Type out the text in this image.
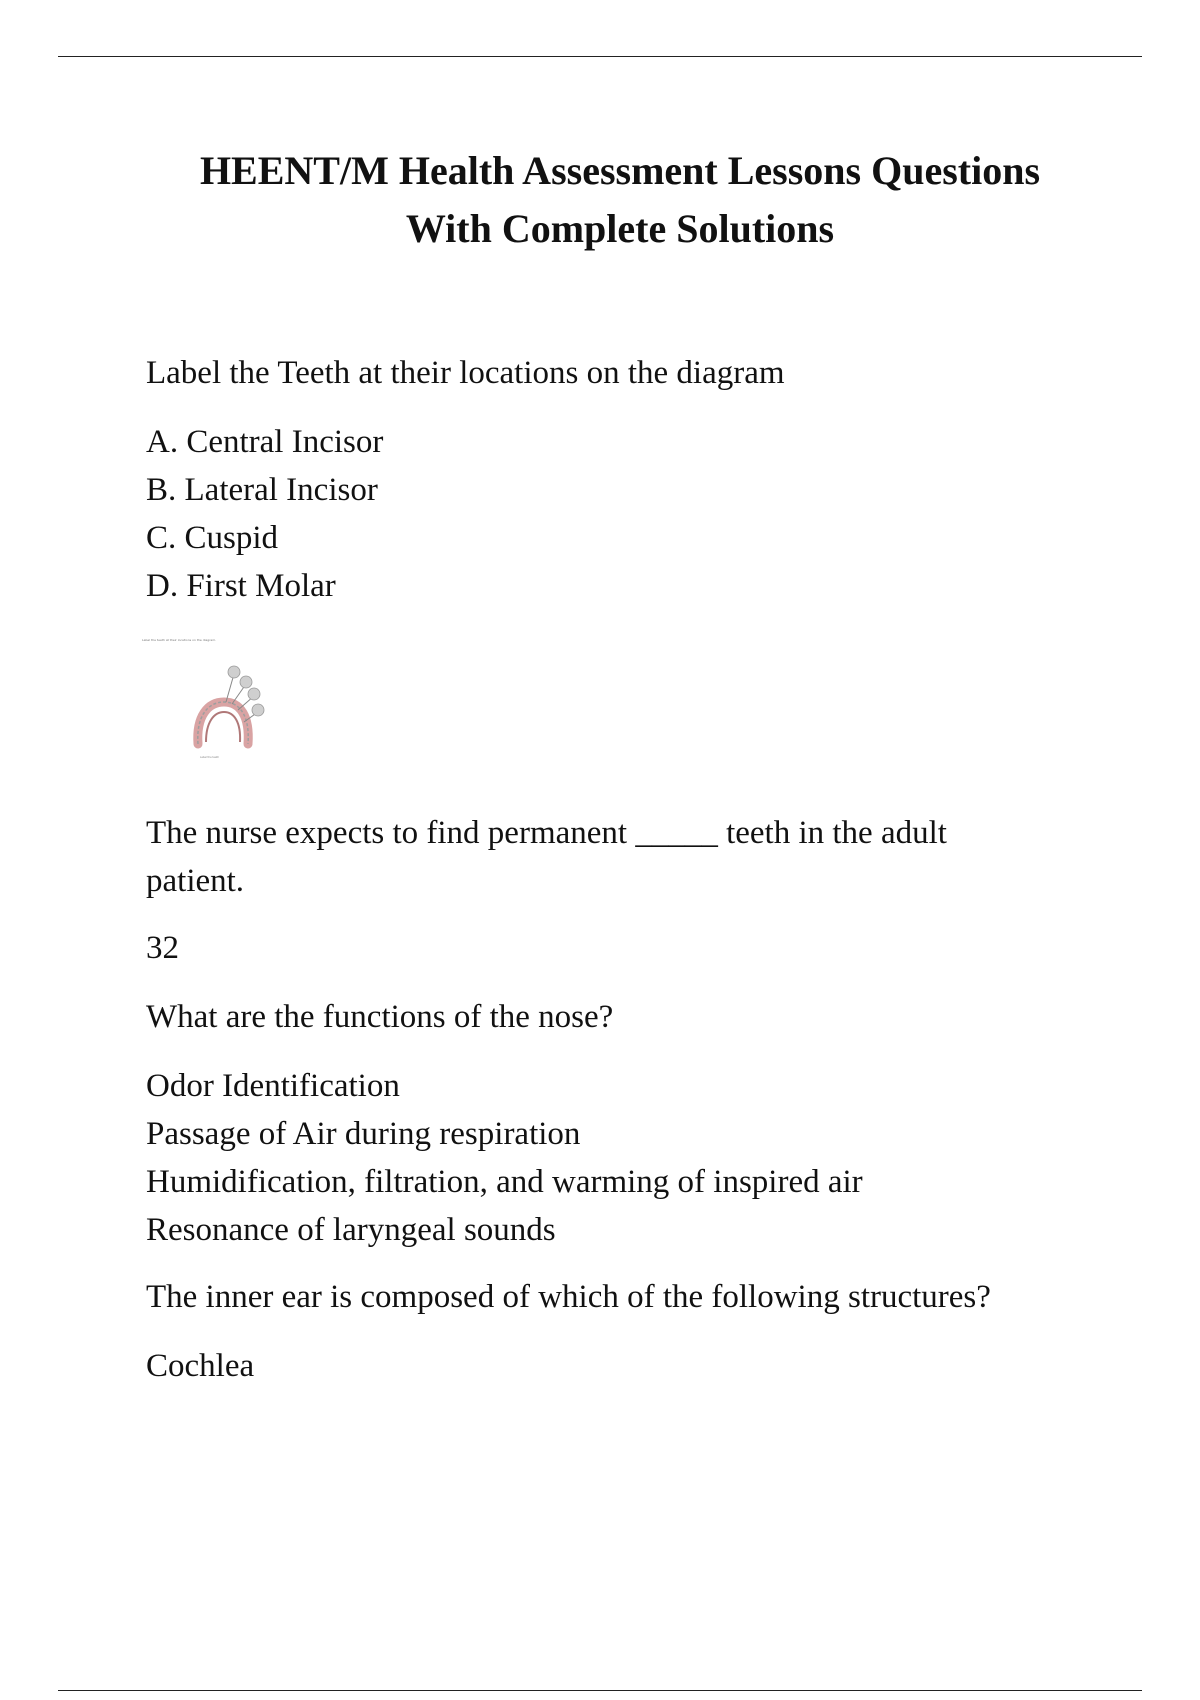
HEENT/M Health Assessment Lessons Questions
With Complete Solutions

Label the Teeth at their locations on the diagram

A. Central Incisor
B. Lateral Incisor
C. Cuspid
D. First Molar
Label the teeth at their locations on the diagram.
Label the teeth
The nurse expects to find permanent _____ teeth in the adult
patient.
32

What are the functions of the nose?

Odor Identification
Passage of Air during respiration
Humidification, filtration, and warming of inspired air
Resonance of laryngeal sounds

The inner ear is composed of which of the following structures?

Cochlea
